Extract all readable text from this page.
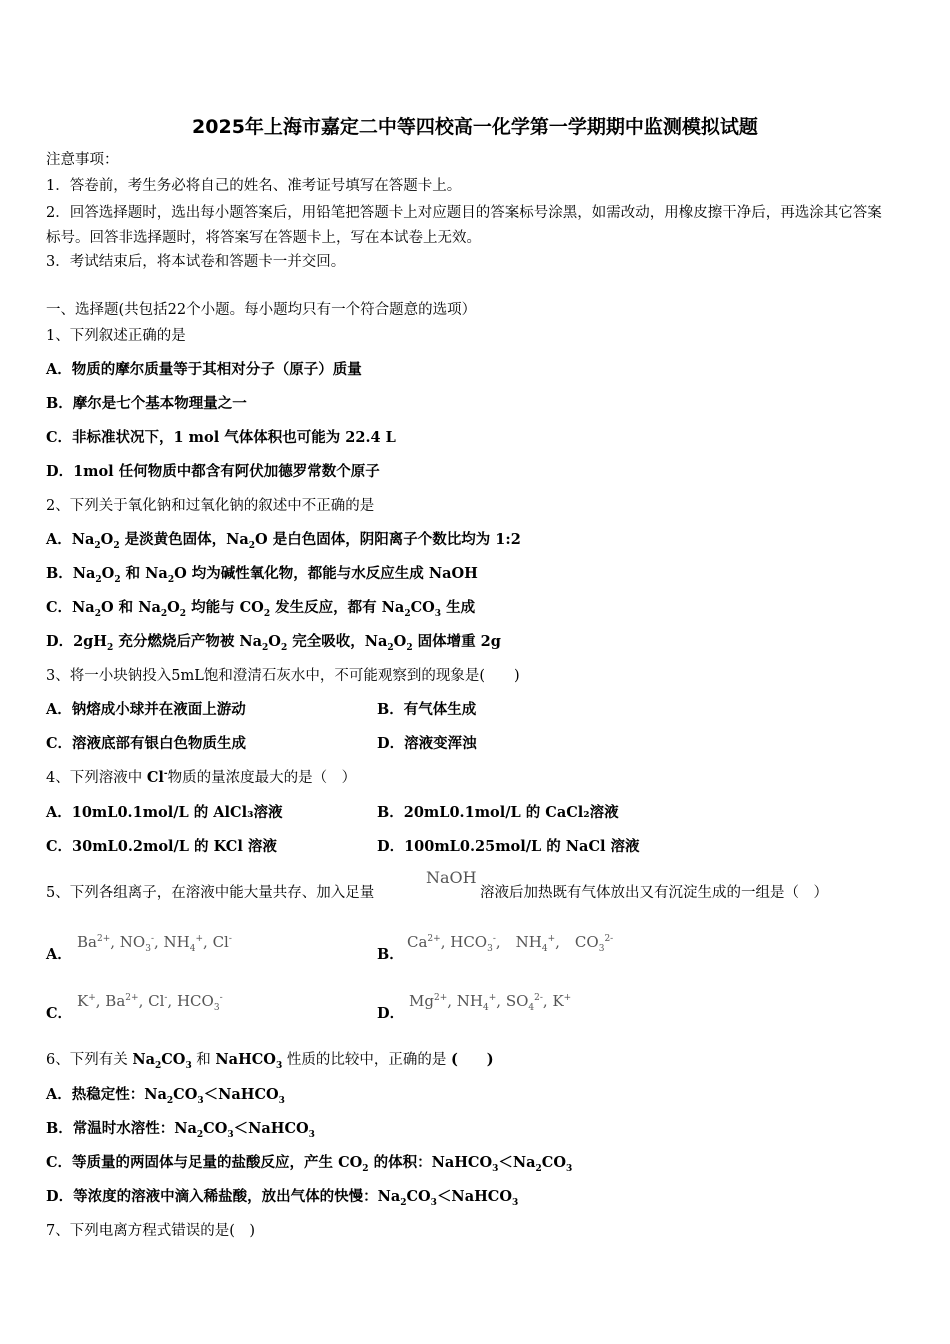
2025年上海市嘉定二中等四校高一化学第一学期期中监测模拟试题
注意事项：
1．答卷前，考生务必将自己的姓名、准考证号填写在答题卡上。
2．回答选择题时，选出每小题答案后，用铅笔把答题卡上对应题目的答案标号涂黑，如需改动，用橡皮擦干净后，再选涂其它答案标号。回答非选择题时，将答案写在答题卡上，写在本试卷上无效。
3．考试结束后，将本试卷和答题卡一并交回。
一、选择题(共包括22个小题。每小题均只有一个符合题意的选项）
1、下列叙述正确的是
A．物质的摩尔质量等于其相对分子（原子）质量
B．摩尔是七个基本物理量之一
C．非标准状况下，1 mol 气体体积也可能为 22.4 L
D．1mol 任何物质中都含有阿伏加德罗常数个原子
2、下列关于氧化钠和过氧化钠的叙述中不正确的是
A．$Na_2O_2$ 是淡黄色固体，$Na_2O$ 是白色固体，阴阳离子个数比均为 1:2
B．$Na_2O_2$ 和 $Na_2O$ 均为碱性氧化物，都能与水反应生成 NaOH
C．$Na_2O$ 和 $Na_2O_2$ 均能与 $CO_2$ 发生反应，都有 $Na_2CO_3$ 生成
D．$2gH_2$ 充分燃烧后产物被 $Na_2O_2$ 完全吸收，$Na_2O_2$ 固体增重 2g
3、将一小块钠投入5mL饱和澄清石灰水中，不可能观察到的现象是(　　)
A．钠熔成小球并在液面上游动	B．有气体生成
C．溶液底部有银白色物质生成	D．溶液变浑浊
4、下列溶液中 Cl-物质的量浓度最大的是（　）
A．10mL0.1mol/L 的 AlCl₃溶液	B．20mL0.1mol/L 的 CaCl₂溶液
C．30mL0.2mol/L 的 KCl 溶液	D．100mL0.25mol/L 的 NaCl 溶液
5、下列各组离子，在溶液中能大量共存、加入足量
NaOH
溶液后加热既有气体放出又有沉淀生成的一组是（　）
A．
$Ba^{2+}$, $NO_3^-$, $NH_4^+$, Cl-
B．
$Ca^{2+}$, $HCO_3^-$,　$NH_4^+$,　$CO_3^{2-}$
C．
K+, $Ba^{2+}$, Cl-, $HCO_3^-$
D．
$Mg^{2+}$, $NH_4^+$, $SO_4^{2-}$, K+
6、下列有关 $Na_2CO_3$ 和 NaHCO$_3$ 性质的比较中，正确的是 (　　)
A．热稳定性：$Na_2CO_3<NaHCO_3$
B．常温时水溶性：$Na_2CO_3<NaHCO_3$
C．等质量的两固体与足量的盐酸反应，产生 $CO_2$ 的体积：$NaHCO_3<Na_2CO_3$
D．等浓度的溶液中滴入稀盐酸，放出气体的快慢：$Na_2CO_3<NaHCO_3$
7、下列电离方程式错误的是(　)
